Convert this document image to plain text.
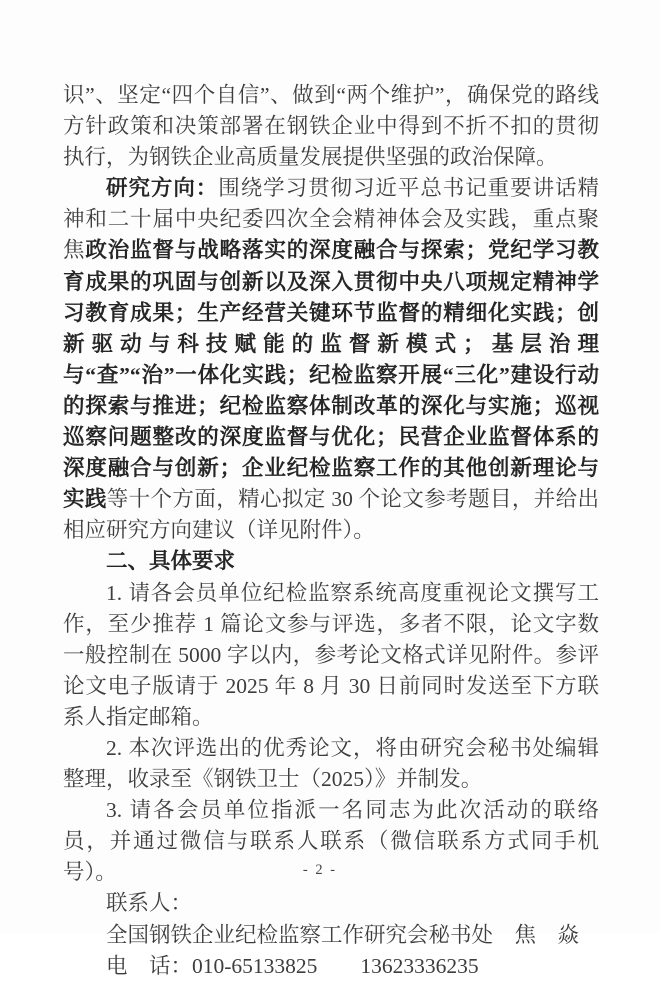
识”、坚定“四个自信”、做到“两个维护”，确保党的路线方针政策和决策部署在钢铁企业中得到不折不扣的贯彻执行，为钢铁企业高质量发展提供坚强的政治保障。

研究方向：围绕学习贯彻习近平总书记重要讲话精神和二十届中央纪委四次全会精神体会及实践，重点聚焦政治监督与战略落实的深度融合与探索；党纪学习教育成果的巩固与创新以及深入贯彻中央八项规定精神学习教育成果；生产经营关键环节监督的精细化实践；创新驱动与科技赋能的监督新模式；基层治理与“查”“治”一体化实践；纪检监察开展“三化”建设行动的探索与推进；纪检监察体制改革的深化与实施；巡视巡察问题整改的深度监督与优化；民营企业监督体系的深度融合与创新；企业纪检监察工作的其他创新理论与实践等十个方面，精心拟定 30 个论文参考题目，并给出相应研究方向建议（详见附件）。

二、具体要求

1. 请各会员单位纪检监察系统高度重视论文撰写工作，至少推荐 1 篇论文参与评选，多者不限，论文字数一般控制在 5000 字以内，参考论文格式详见附件。参评论文电子版请于 2025 年 8 月 30 日前同时发送至下方联系人指定邮箱。

2. 本次评选出的优秀论文，将由研究会秘书处编辑整理，收录至《钢铁卫士（2025）》并制发。

3. 请各会员单位指派一名同志为此次活动的联络员，并通过微信与联系人联系（微信联系方式同手机号）。

联系人：

全国钢铁企业纪检监察工作研究会秘书处　焦　焱

电　话：010-65133825　　13623336235

- 2 -
